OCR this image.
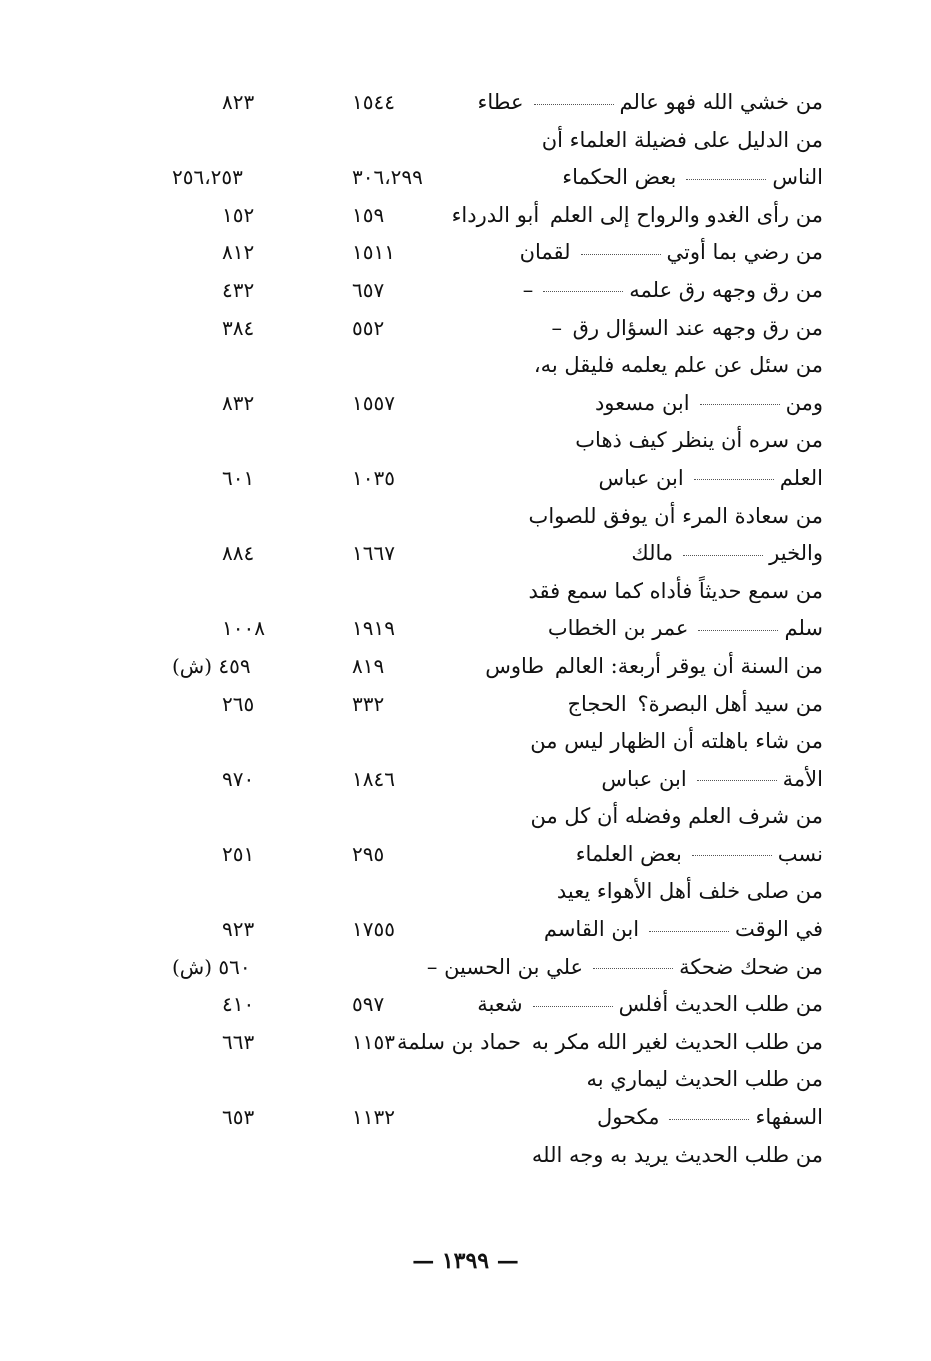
من خشي الله فهو عالمعطاء
١٥٤٤
٨٢٣
من الدليل على فضيلة العلماء أن
الناسبعض الحكماء
٣٠٦،٢٩٩
٢٥٦،٢٥٣
من رأى الغدو والرواح إلى العلم أبو الدرداء
١٥٩
١٥٢
من رضي بما أوتيلقمان
١٥١١
٨١٢
من رق وجهه رق علمه–
٦٥٧
٤٣٢
من رق وجهه عند السؤال رق –
٥٥٢
٣٨٤
من سئل عن علم يعلمه فليقل به،
ومنابن مسعود
١٥٥٧
٨٣٢
من سره أن ينظر كيف ذهاب
العلمابن عباس
١٠٣٥
٦٠١
من سعادة المرء أن يوفق للصواب
والخيرمالك
١٦٦٧
٨٨٤
من سمع حديثاً فأداه كما سمع فقد
سلمعمر بن الخطاب
١٩١٩
١٠٠٨
من السنة أن يوقر أربعة: العالم طاوس
٨١٩
٤٥٩ (ش)
من سيد أهل البصرة؟ الحجاج
٣٣٢
٢٦٥
من شاء باهلته أن الظهار ليس من
الأمةابن عباس
١٨٤٦
٩٧٠
من شرف العلم وفضله أن كل من
نسببعض العلماء
٢٩٥
٢٥١
من صلى خلف أهل الأهواء يعيد
في الوقتابن القاسم
١٧٥٥
٩٢٣
من ضحك ضحكةعلي بن الحسين –
٥٦٠ (ش)
من طلب الحديث أفلسشعبة
٥٩٧
٤١٠
من طلب الحديث لغير الله مكر به حماد بن سلمة
١١٥٣
٦٦٣
من طلب الحديث ليماري به
السفهاءمكحول
١١٣٢
٦٥٣
من طلب الحديث يريد به وجه الله
— ١٣٩٩ —
